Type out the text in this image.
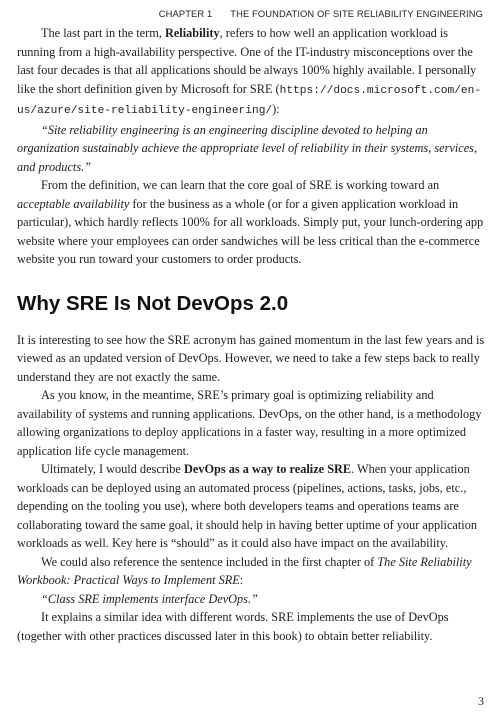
CHAPTER 1 THE FOUNDATION OF SITE RELIABILITY ENGINEERING

The last part in the term, Reliability, refers to how well an application workload is running from a high-availability perspective. One of the IT-industry misconceptions over the last four decades is that all applications should be always 100% highly available. I personally like the short definition given by Microsoft for SRE (https://docs.microsoft.com/en-us/azure/site-reliability-engineering/):

“Site reliability engineering is an engineering discipline devoted to helping an organization sustainably achieve the appropriate level of reliability in their systems, services, and products.”

From the definition, we can learn that the core goal of SRE is working toward an acceptable availability for the business as a whole (or for a given application workload in particular), which hardly reflects 100% for all workloads. Simply put, your lunch-ordering app website where your employees can order sandwiches will be less critical than the e-commerce website you run toward your customers to order products.

Why SRE Is Not DevOps 2.0

It is interesting to see how the SRE acronym has gained momentum in the last few years and is viewed as an updated version of DevOps. However, we need to take a few steps back to really understand they are not exactly the same.

As you know, in the meantime, SRE’s primary goal is optimizing reliability and availability of systems and running applications. DevOps, on the other hand, is a methodology allowing organizations to deploy applications in a faster way, resulting in a more optimized application life cycle management.

Ultimately, I would describe DevOps as a way to realize SRE. When your application workloads can be deployed using an automated process (pipelines, actions, tasks, jobs, etc., depending on the tooling you use), where both developers teams and operations teams are collaborating toward the same goal, it should help in having better uptime of your application workloads as well. Key here is “should” as it could also have impact on the availability.

We could also reference the sentence included in the first chapter of The Site Reliability Workbook: Practical Ways to Implement SRE:

“Class SRE implements interface DevOps.”

It explains a similar idea with different words. SRE implements the use of DevOps (together with other practices discussed later in this book) to obtain better reliability.

3
